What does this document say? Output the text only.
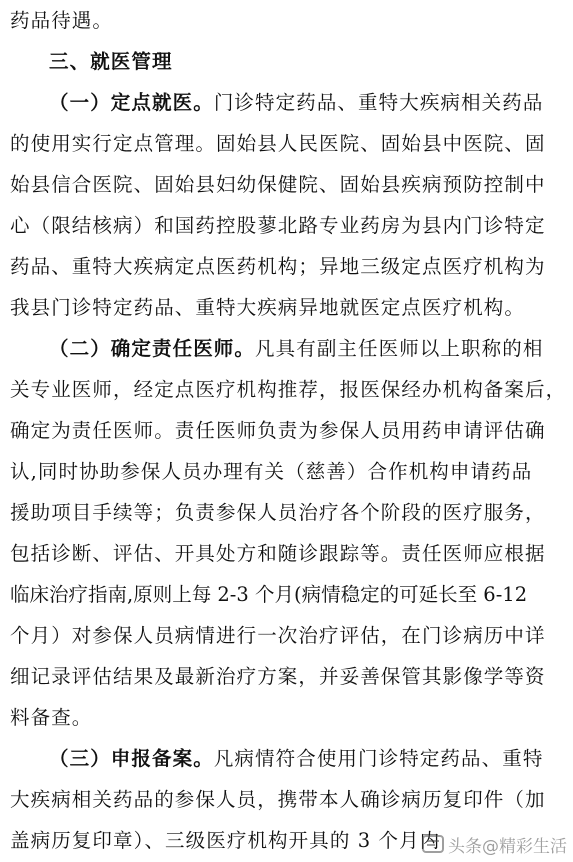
药品待遇。
三、就医管理
（一）定点就医。门诊特定药品、重特大疾病相关药品
的使用实行定点管理。固始县人民医院、固始县中医院、固
始县信合医院、固始县妇幼保健院、固始县疾病预防控制中
心（限结核病）和国药控股蓼北路专业药房为县内门诊特定
药品、重特大疾病定点医药机构；异地三级定点医疗机构为
我县门诊特定药品、重特大疾病异地就医定点医疗机构。
（二）确定责任医师。凡具有副主任医师以上职称的相
关专业医师，经定点医疗机构推荐，报医保经办机构备案后，
确定为责任医师。责任医师负责为参保人员用药申请评估确
认,同时协助参保人员办理有关（慈善）合作机构申请药品
援助项目手续等；负责参保人员治疗各个阶段的医疗服务，
包括诊断、评估、开具处方和随诊跟踪等。责任医师应根据
临床治疗指南,原则上每 2-3 个月(病情稳定的可延长至 6-12
个月）对参保人员病情进行一次治疗评估，在门诊病历中详
细记录评估结果及最新治疗方案，并妥善保管其影像学等资
料备查。
（三）申报备案。凡病情符合使用门诊特定药品、重特
大疾病相关药品的参保人员，携带本人确诊病历复印件（加
盖病历复印章）、三级医疗机构开具的 3 个月内 头条@精彩生活
